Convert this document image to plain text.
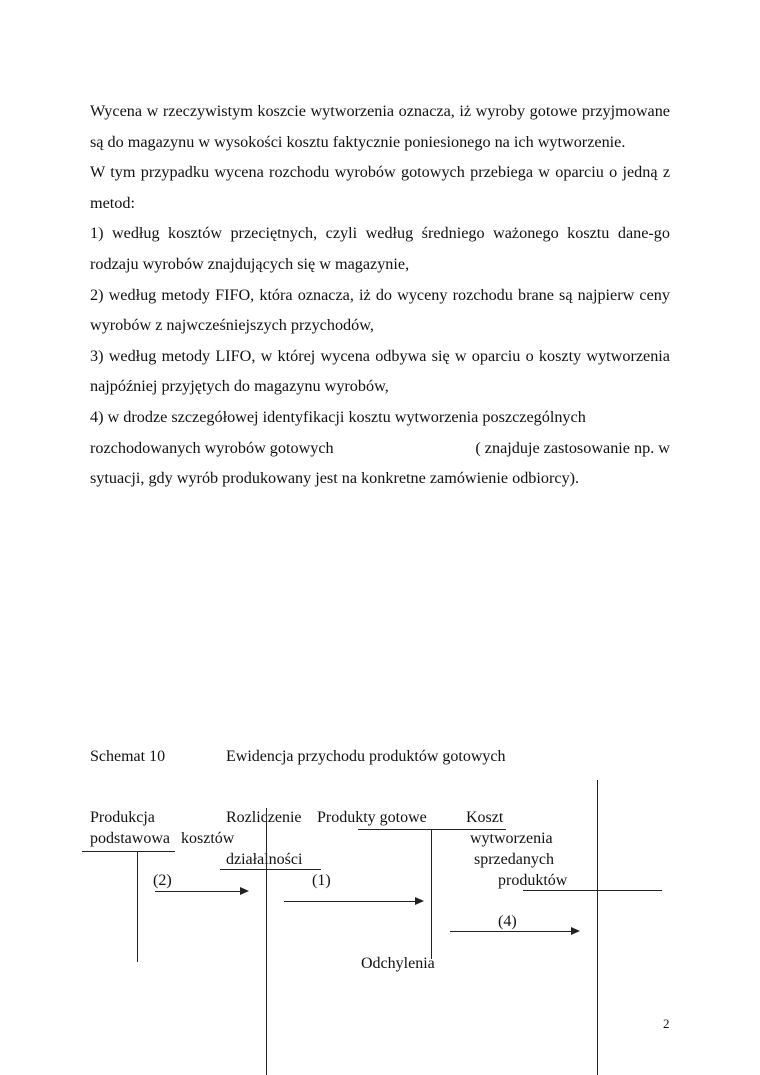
Wycena w rzeczywistym koszcie wytworzenia oznacza, iż wyroby gotowe przyjmowane są do magazynu w wysokości kosztu faktycznie poniesionego na ich wytworzenie.

W tym przypadku wycena rozchodu wyrobów gotowych przebiega w oparciu o jedną z metod:

1) według kosztów przeciętnych, czyli według średniego ważonego kosztu dane-go rodzaju wyrobów znajdujących się w magazynie,

2) według metody FIFO, która oznacza, iż do wyceny rozchodu brane są najpierw ceny wyrobów z najwcześniejszych przychodów,

3) według metody LIFO, w której wycena odbywa się w oparciu o koszty wytworzenia najpóźniej przyjętych do magazynu wyrobów,

4) w drodze szczegółowej identyfikacji kosztu wytworzenia poszczególnych

rozchodowanych wyrobów gotowych	( znajduje zastosowanie np. w

sytuacji, gdy wyrób produkowany jest na konkretne zamówienie odbiorcy).

Schemat 10	Ewidencja przychodu produktów gotowych
Produkcja
podstawowa
Rozliczenie
kosztów
działalności
Produkty gotowe Koszt
wytworzenia
sprzedanych
produktów
Odchylenia
(2)	(1)
(4)
2
